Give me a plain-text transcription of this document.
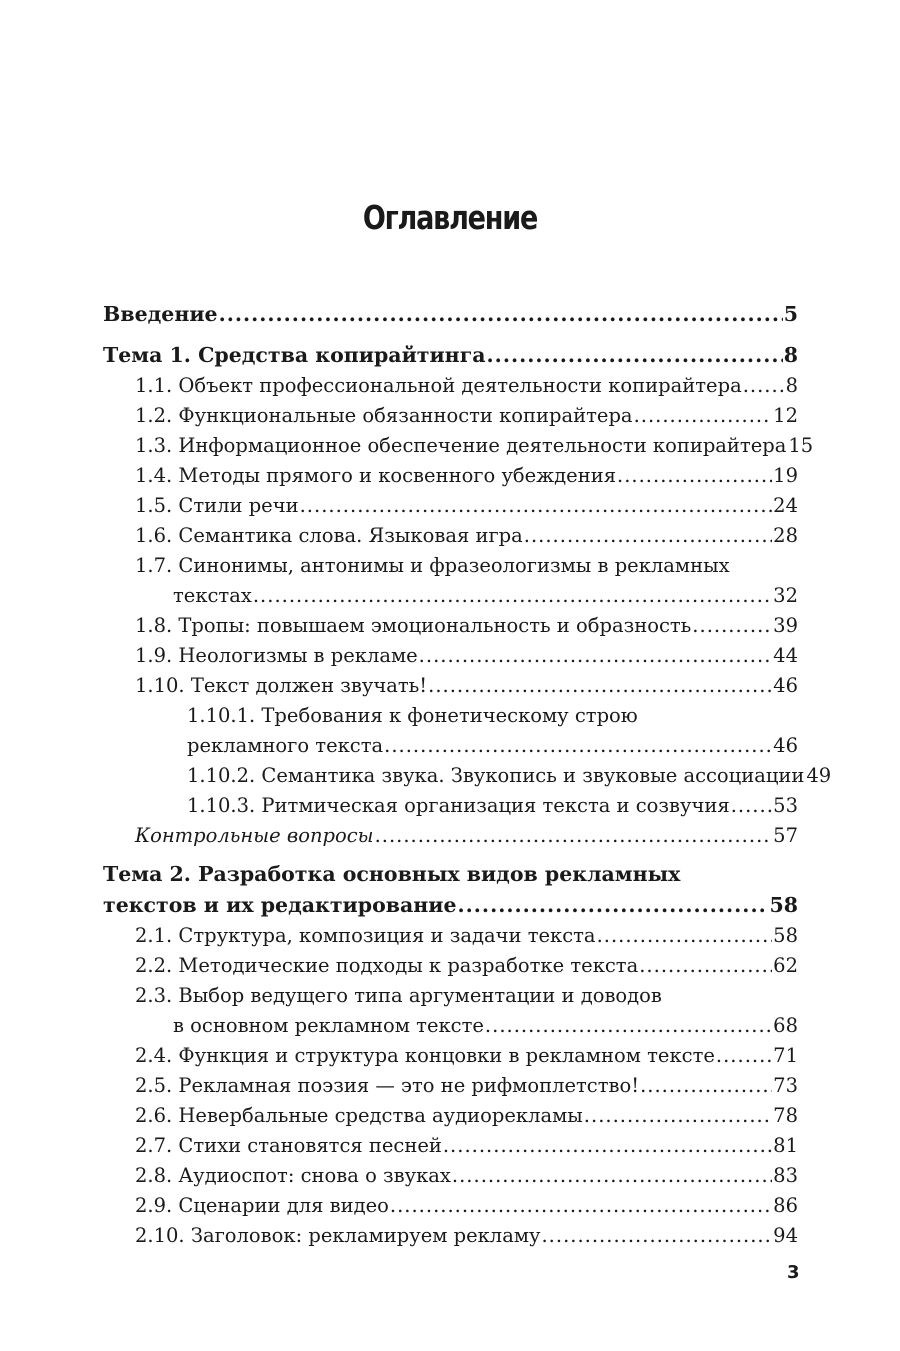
Оглавление
Введение .....	5
Тема 1. Средства копирайтинга .....	8
1.1. Объект профессиональной деятельности копирайтера ..... 8
1.2. Функциональные обязанности копирайтера .....	12
1.3. Информационное обеспечение деятельности копирайтера 15
1.4. Методы прямого и косвенного убеждения .....	19
1.5. Стили речи .....	24
1.6. Семантика слова. Языковая игра .....	28
1.7. Синонимы, антонимы и фразеологизмы в рекламных
текстах .....	32
1.8. Тропы: повышаем эмоциональность и образность .....	39
1.9. Неологизмы в рекламе .....	44
1.10. Текст должен звучать! .....	46
1.10.1. Требования к фонетическому строю
рекламного текста .....	46
1.10.2. Семантика звука. Звукопись и звуковые ассоциации 49
1.10.3. Ритмическая организация текста и созвучия ..... 53
Контрольные вопросы .....	57
Тема 2. Разработка основных видов рекламных
текстов и их редактирование .....	58
2.1. Структура, композиция и задачи текста .....	58
2.2. Методические подходы к разработке текста .....	62
2.3. Выбор ведущего типа аргументации и доводов
в основном рекламном тексте .....	68
2.4. Функция и структура концовки в рекламном тексте .....	71
2.5. Рекламная поэзия — это не рифмоплетство! .....	73
2.6. Невербальные средства аудиорекламы .....	78
2.7. Стихи становятся песней .....	81
2.8. Аудиоспот: снова о звуках .....	83
2.9. Сценарии для видео .....	86
2.10. Заголовок: рекламируем рекламу .....	94
3
